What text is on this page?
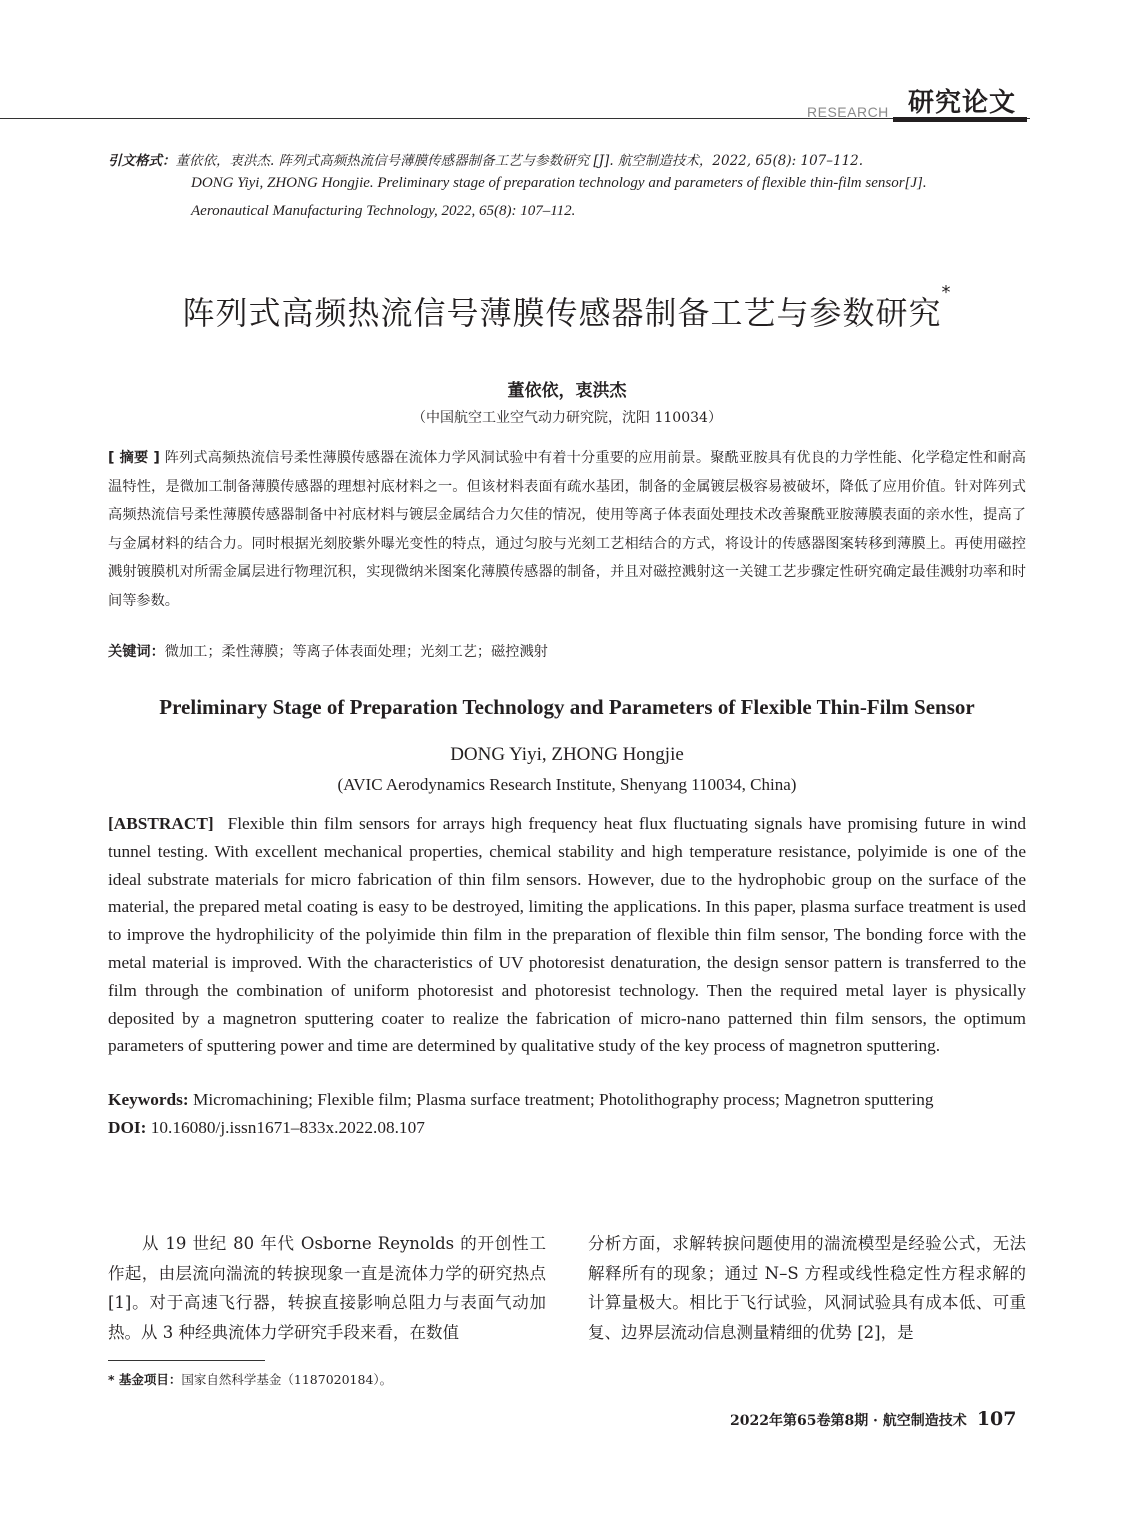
RESEARCH 研究论文
引文格式：董依依，衷洪杰. 阵列式高频热流信号薄膜传感器制备工艺与参数研究 [J]. 航空制造技术，2022, 65(8): 107–112.
DONG Yiyi, ZHONG Hongjie. Preliminary stage of preparation technology and parameters of flexible thin-film sensor[J].
Aeronautical Manufacturing Technology, 2022, 65(8): 107–112.
阵列式高频热流信号薄膜传感器制备工艺与参数研究*
董依依，衷洪杰
（中国航空工业空气动力研究院，沈阳 110034）
[ 摘要 ] 阵列式高频热流信号柔性薄膜传感器在流体力学风洞试验中有着十分重要的应用前景。聚酰亚胺具有优良的力学性能、化学稳定性和耐高温特性，是微加工制备薄膜传感器的理想衬底材料之一。但该材料表面有疏水基团，制备的金属镀层极容易被破坏，降低了应用价值。针对阵列式高频热流信号柔性薄膜传感器制备中衬底材料与镀层金属结合力欠佳的情况，使用等离子体表面处理技术改善聚酰亚胺薄膜表面的亲水性，提高了与金属材料的结合力。同时根据光刻胶紫外曝光变性的特点，通过匀胶与光刻工艺相结合的方式，将设计的传感器图案转移到薄膜上。再使用磁控溅射镀膜机对所需金属层进行物理沉积，实现微纳米图案化薄膜传感器的制备，并且对磁控溅射这一关键工艺步骤定性研究确定最佳溅射功率和时间等参数。
关键词：微加工；柔性薄膜；等离子体表面处理；光刻工艺；磁控溅射
Preliminary Stage of Preparation Technology and Parameters of Flexible Thin-Film Sensor
DONG Yiyi, ZHONG Hongjie
(AVIC Aerodynamics Research Institute, Shenyang 110034, China)
[ABSTRACT] Flexible thin film sensors for arrays high frequency heat flux fluctuating signals have promising future in wind tunnel testing. With excellent mechanical properties, chemical stability and high temperature resistance, polyimide is one of the ideal substrate materials for micro fabrication of thin film sensors. However, due to the hydrophobic group on the surface of the material, the prepared metal coating is easy to be destroyed, limiting the applications. In this paper, plasma surface treatment is used to improve the hydrophilicity of the polyimide thin film in the preparation of flexible thin film sensor, The bonding force with the metal material is improved. With the characteristics of UV photoresist denaturation, the design sensor pattern is transferred to the film through the combination of uniform photoresist and photoresist technology. Then the required metal layer is physically deposited by a magnetron sputtering coater to realize the fabrication of micro-nano patterned thin film sensors, the optimum parameters of sputtering power and time are determined by qualitative study of the key process of magnetron sputtering.
Keywords: Micromachining; Flexible film; Plasma surface treatment; Photolithography process; Magnetron sputtering
DOI: 10.16080/j.issn1671–833x.2022.08.107
从 19 世纪 80 年代 Osborne Reynolds 的开创性工作起，由层流向湍流的转捩现象一直是流体力学的研究热点 [1]。对于高速飞行器，转捩直接影响总阻力与表面气动加热。从 3 种经典流体力学研究手段来看，在数值
分析方面，求解转捩问题使用的湍流模型是经验公式，无法解释所有的现象；通过 N–S 方程或线性稳定性方程求解的计算量极大。相比于飞行试验，风洞试验具有成本低、可重复、边界层流动信息测量精细的优势 [2]，是
* 基金项目：国家自然科学基金（1187020184）。
2022年第65卷第8期 · 航空制造技术 107
